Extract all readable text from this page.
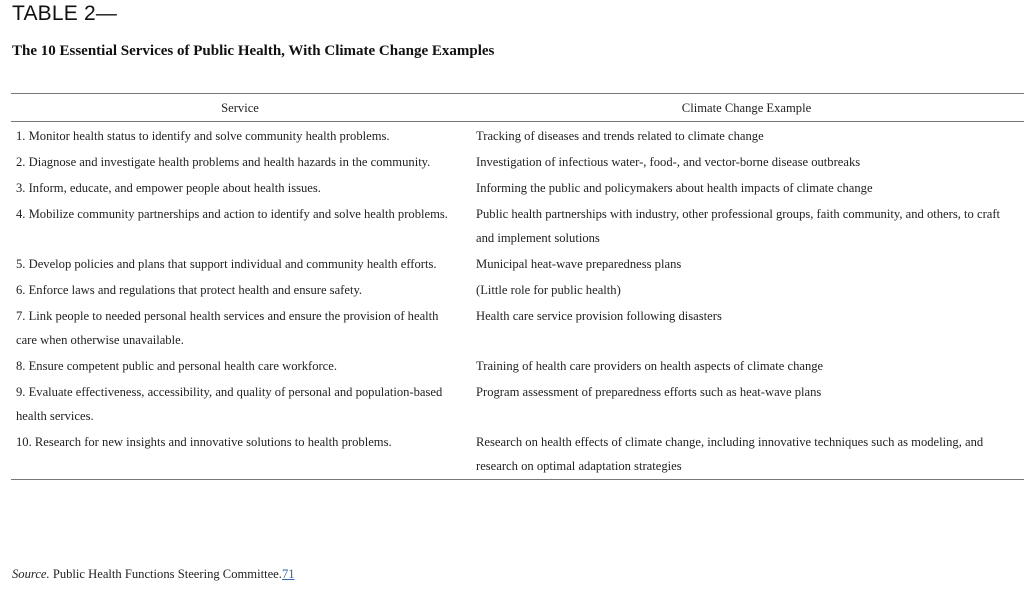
TABLE 2—
The 10 Essential Services of Public Health, With Climate Change Examples
Service	Climate Change Example
1. Monitor health status to identify and solve community health problems.	Tracking of diseases and trends related to climate change
2. Diagnose and investigate health problems and health hazards in the community.	Investigation of infectious water-, food-, and vector-borne disease outbreaks
3. Inform, educate, and empower people about health issues.	Informing the public and policymakers about health impacts of climate change
4. Mobilize community partnerships and action to identify and solve health problems.	Public health partnerships with industry, other professional groups, faith community, and others, to craft and implement solutions
5. Develop policies and plans that support individual and community health efforts.	Municipal heat-wave preparedness plans
6. Enforce laws and regulations that protect health and ensure safety.	(Little role for public health)
7. Link people to needed personal health services and ensure the provision of health care when otherwise unavailable.	Health care service provision following disasters
8. Ensure competent public and personal health care workforce.	Training of health care providers on health aspects of climate change
9. Evaluate effectiveness, accessibility, and quality of personal and population-based health services.	Program assessment of preparedness efforts such as heat-wave plans
10. Research for new insights and innovative solutions to health problems.	Research on health effects of climate change, including innovative techniques such as modeling, and research on optimal adaptation strategies
Source. Public Health Functions Steering Committee.71
